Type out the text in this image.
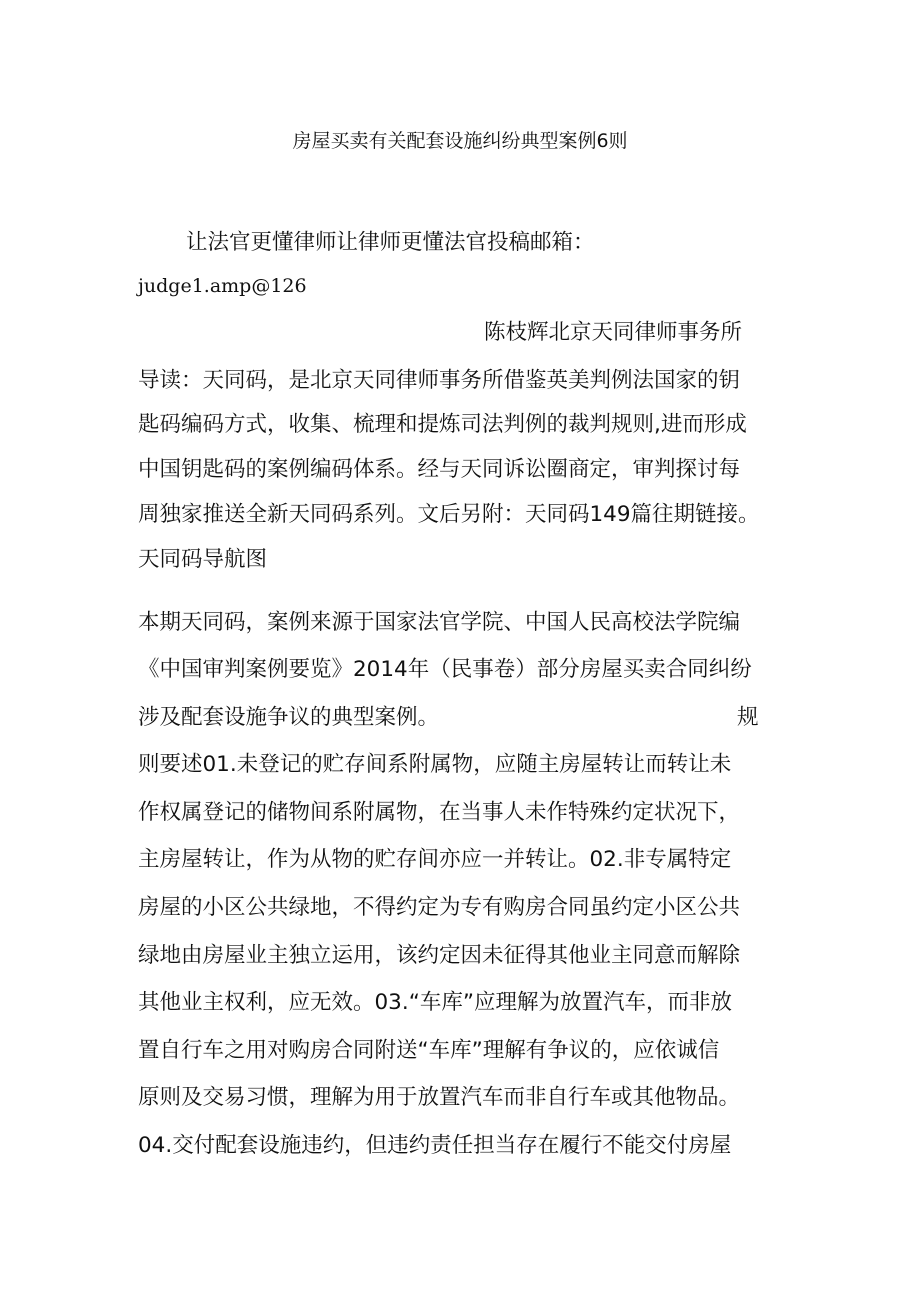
房屋买卖有关配套设施纠纷典型案例6则
让法官更懂律师让律师更懂法官投稿邮箱：
judge1.amp@126
陈枝辉北京天同律师事务所
导读：天同码，是北京天同律师事务所借鉴英美判例法国家的钥
匙码编码方式，收集、梳理和提炼司法判例的裁判规则,进而形成
中国钥匙码的案例编码体系。经与天同诉讼圈商定，审判探讨每
周独家推送全新天同码系列。文后另附：天同码149篇往期链接。
天同码导航图
本期天同码，案例来源于国家法官学院、中国人民高校法学院编
《中国审判案例要览》2014年（民事卷）部分房屋买卖合同纠纷
涉及配套设施争议的典型案例。	规
则要述01.未登记的贮存间系附属物，应随主房屋转让而转让未
作权属登记的储物间系附属物，在当事人未作特殊约定状况下，
主房屋转让，作为从物的贮存间亦应一并转让。02.非专属特定
房屋的小区公共绿地，不得约定为专有购房合同虽约定小区公共
绿地由房屋业主独立运用，该约定因未征得其他业主同意而解除
其他业主权利，应无效。03.“车库”应理解为放置汽车，而非放
置自行车之用对购房合同附送“车库”理解有争议的，应依诚信
原则及交易习惯，理解为用于放置汽车而非自行车或其他物品。
04.交付配套设施违约，但违约责任担当存在履行不能交付房屋
